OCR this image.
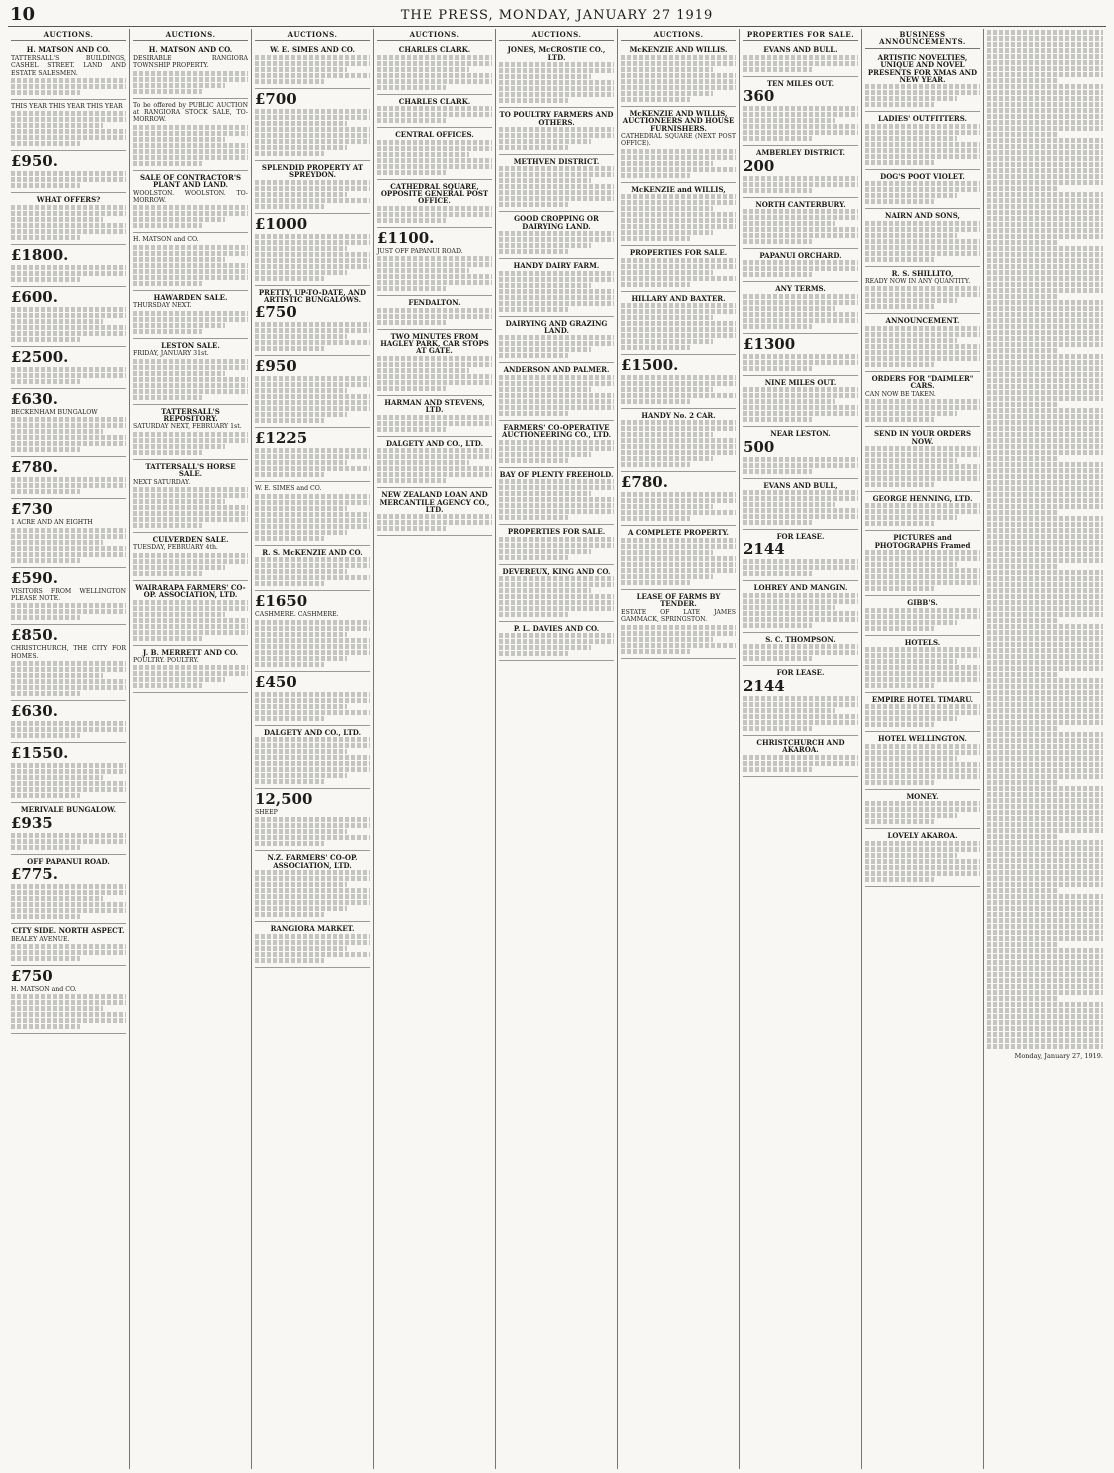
10	THE PRESS, MONDAY, JANUARY 27 1919
AUCTIONS.
H. MATSON AND CO.

TATTERSALL'S BUILDINGS, CASHEL STREET. LAND AND ESTATE SALESMEN.

THIS YEAR THIS YEAR THIS YEAR

£950.
WHAT OFFERS?
£1800.
£600.
£2500.
£630.

BECKENHAM BUNGALOW

£780.
£730

1 ACRE AND AN EIGHTH

£590.

VISITORS FROM WELLINGTON PLEASE NOTE.

£850.

CHRISTCHURCH, THE CITY FOR HOMES.

£630.
£1550.
MERIVALE BUNGALOW.
£935
OFF PAPANUI ROAD.
£775.
CITY SIDE. NORTH ASPECT.

BEALEY AVENUE.

£750

H. MATSON and CO.

AUCTIONS.
H. MATSON AND CO.

DESIRABLE RANGIORA TOWNSHIP PROPERTY.

To be offered by PUBLIC AUCTION at RANGIORA STOCK SALE, TO-MORROW.

SALE OF CONTRACTOR'S PLANT AND LAND.

WOOLSTON. WOOLSTON. TO-MORROW.

H. MATSON and CO.

HAWARDEN SALE.

THURSDAY NEXT.

LESTON SALE.

FRIDAY, JANUARY 31st.

TATTERSALL'S REPOSITORY.

SATURDAY NEXT, FEBRUARY 1st.

TATTERSALL'S HORSE SALE.

NEXT SATURDAY.

CULVERDEN SALE.

TUESDAY, FEBRUARY 4th.

WAIRARAPA FARMERS' CO-OP. ASSOCIATION, LTD.
J. B. MERRETT AND CO.

POULTRY. POULTRY.

AUCTIONS.
W. E. SIMES AND CO.
£700
SPLENDID PROPERTY AT SPREYDON.
£1000
PRETTY, UP-TO-DATE, AND ARTISTIC BUNGALOWS.
£750
£950
£1225

W. E. SIMES and CO.

R. S. McKENZIE AND CO.
£1650

CASHMERE. CASHMERE.

£450
DALGETY AND CO., LTD.
12,500

SHEEP

N.Z. FARMERS' CO-OP. ASSOCIATION, LTD.
RANGIORA MARKET.
AUCTIONS.
CHARLES CLARK.
CHARLES CLARK.
CENTRAL OFFICES.
CATHEDRAL SQUARE, OPPOSITE GENERAL POST OFFICE.
£1100.

JUST OFF PAPANUI ROAD.

FENDALTON.
TWO MINUTES FROM HAGLEY PARK, CAR STOPS AT GATE.
HARMAN AND STEVENS, LTD.
DALGETY AND CO., LTD.
NEW ZEALAND LOAN AND MERCANTILE AGENCY CO., LTD.
AUCTIONS.
JONES, McCROSTIE CO., LTD.
TO POULTRY FARMERS AND OTHERS.
METHVEN DISTRICT.
GOOD CROPPING OR DAIRYING LAND.
HANDY DAIRY FARM.
DAIRYING AND GRAZING LAND.
ANDERSON AND PALMER.
FARMERS' CO-OPERATIVE AUCTIONEERING CO., LTD.
BAY OF PLENTY FREEHOLD.
PROPERTIES FOR SALE.
DEVEREUX, KING AND CO.
P. L. DAVIES AND CO.
AUCTIONS.
McKENZIE AND WILLIS.
McKENZIE AND WILLIS, AUCTIONEERS AND HOUSE FURNISHERS.

CATHEDRAL SQUARE (NEXT POST OFFICE).

McKENZIE and WILLIS,
PROPERTIES FOR SALE.
HILLARY AND BAXTER.
£1500.
HANDY No. 2 CAR.
£780.
A COMPLETE PROPERTY.
LEASE OF FARMS BY TENDER.

ESTATE OF LATE JAMES GAMMACK, SPRINGSTON.

PROPERTIES FOR SALE.
EVANS AND BULL.
TEN MILES OUT.
360
AMBERLEY DISTRICT.
200
NORTH CANTERBURY.
PAPANUI ORCHARD.
ANY TERMS.
£1300
NINE MILES OUT.
NEAR LESTON.
500
EVANS AND BULL,
FOR LEASE.
2144
LOHREY AND MANGIN.
S. C. THOMPSON.
FOR LEASE.
2144
CHRISTCHURCH AND AKAROA.
BUSINESS ANNOUNCEMENTS.
ARTISTIC NOVELTIES, UNIQUE AND NOVEL PRESENTS FOR XMAS AND NEW YEAR.
LADIES' OUTFITTERS.
DOG'S POOT VIOLET.
NAIRN AND SONS,
R. S. SHILLITO,

READY NOW IN ANY QUANTITY.

ANNOUNCEMENT.
ORDERS FOR "DAIMLER" CARS.

CAN NOW BE TAKEN.

SEND IN YOUR ORDERS NOW.
GEORGE HENNING, LTD.
PICTURES and PHOTOGRAPHS Framed
GIBB'S.
HOTELS.
EMPIRE HOTEL TIMARU.
HOTEL WELLINGTON.
MONEY.
LOVELY AKAROA.
Monday, January 27, 1919.
